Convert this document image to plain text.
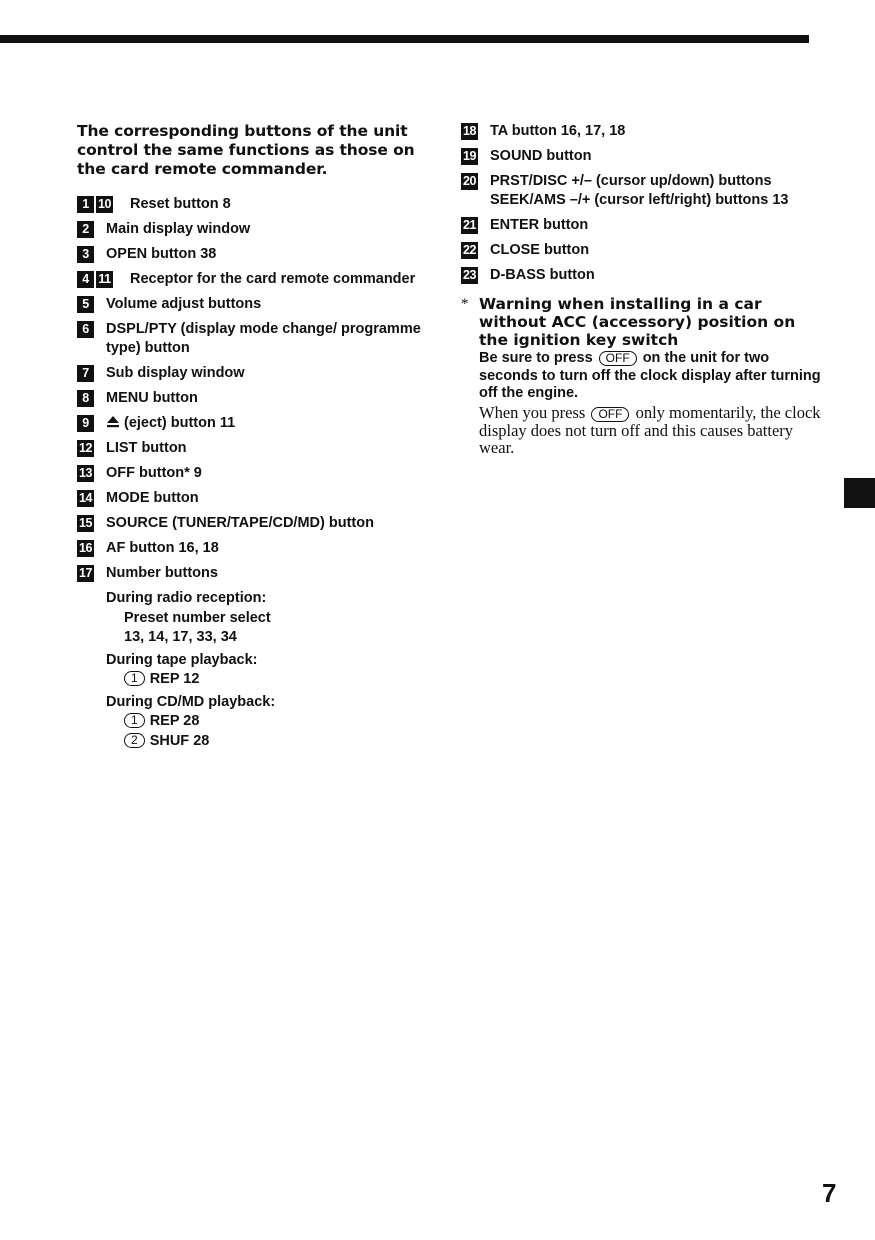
The corresponding buttons of the unit control the same functions as those on the card remote commander.

1 10 Reset button 8
2	Main display window
3	OPEN button 38
4 11 Receptor for the card remote commander
5	Volume adjust buttons
6	DSPL/PTY (display mode change/ programme type) button
7	Sub display window
8	MENU button
9	(eject) button 11
12 LIST button
13 OFF button* 9
14 MODE button
15 SOURCE (TUNER/TAPE/CD/MD) button
16 AF button 16, 18
17 Number buttons
During radio reception:
Preset number select
13, 14, 17, 33, 34
During tape playback:
1 REP 12
During CD/MD playback:
1 REP 28
2 SHUF 28
18 TA button 16, 17, 18
19 SOUND button
20 PRST/DISC +/– (cursor up/down) buttons SEEK/AMS –/+ (cursor left/right) buttons 13
21 ENTER button
22 CLOSE button
23 D-BASS button
* Warning when installing in a car without ACC (accessory) position on the ignition key switch

Be sure to press OFF on the unit for two seconds to turn off the clock display after turning off the engine.
When you press OFF only momentarily, the clock display does not turn off and this causes battery wear.
7
